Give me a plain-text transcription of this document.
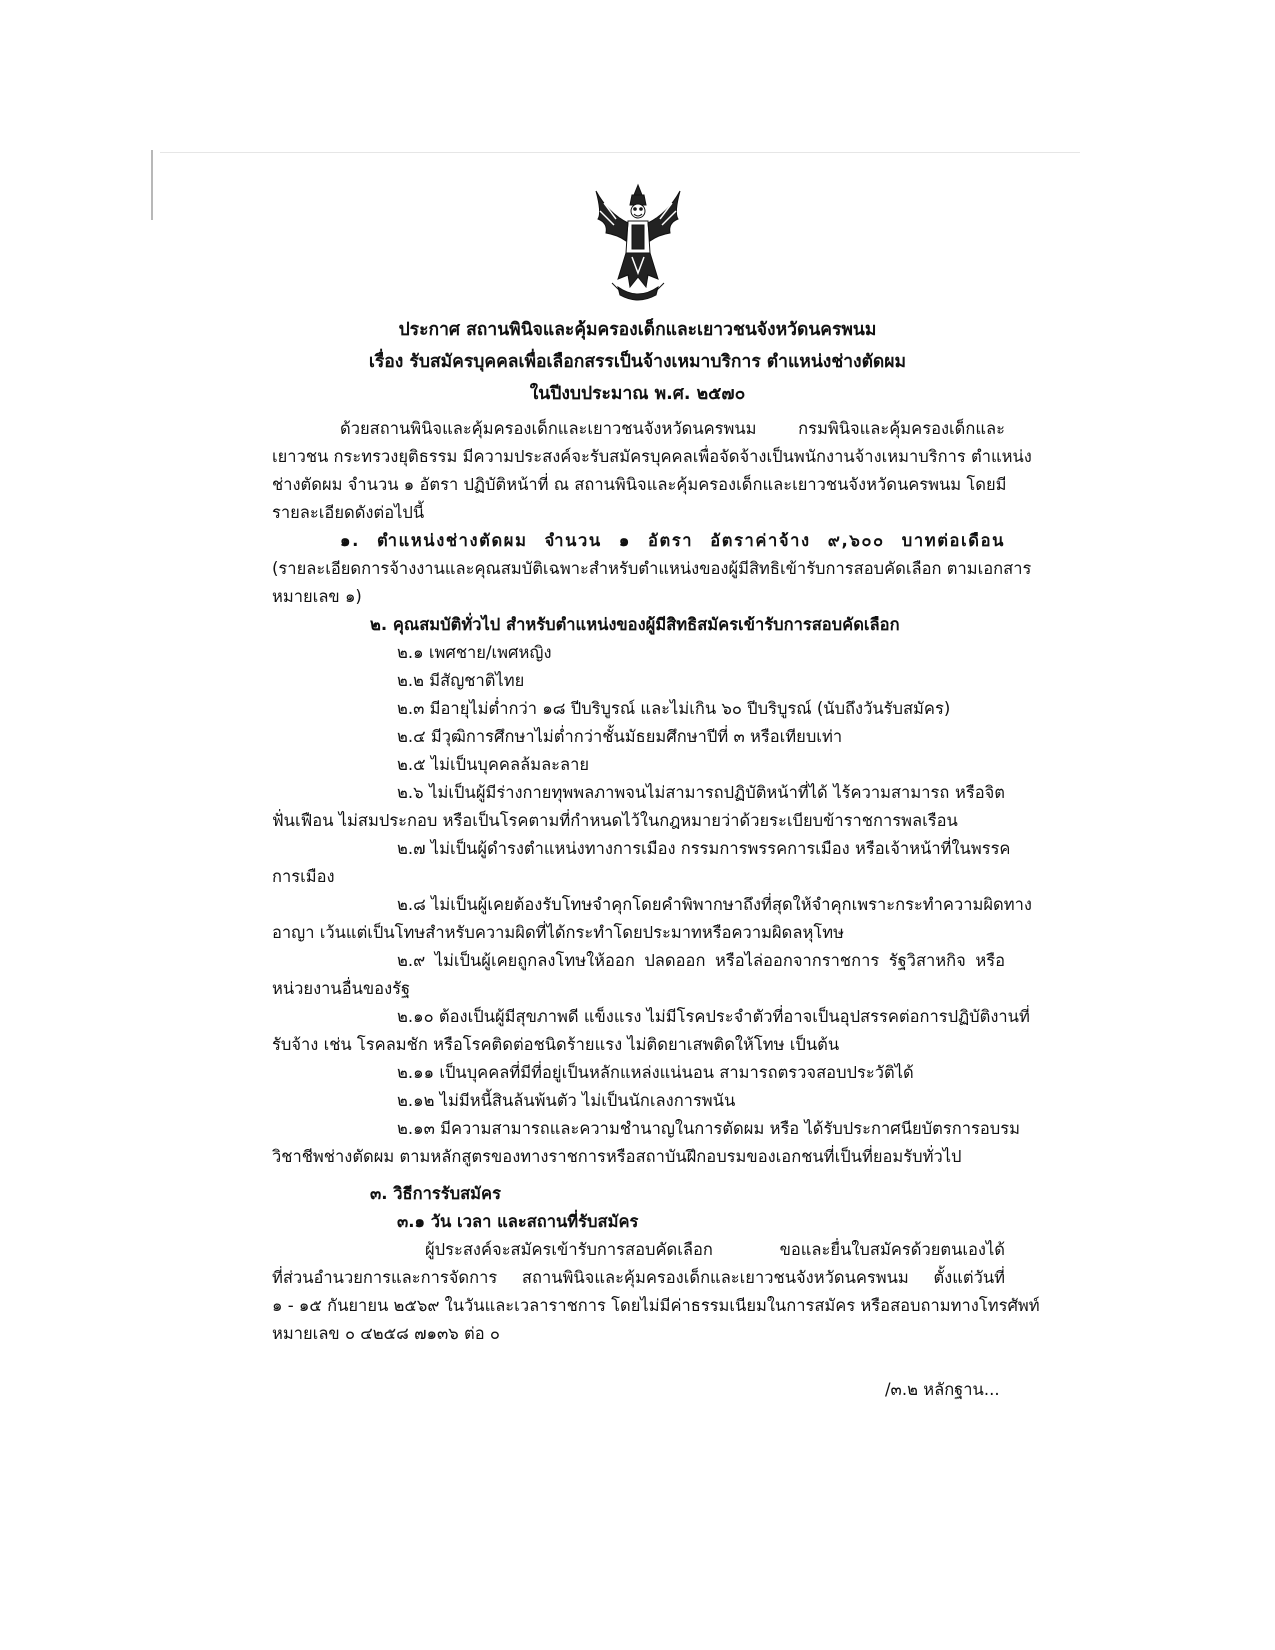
ประกาศ สถานพินิจและคุ้มครองเด็กและเยาวชนจังหวัดนครพนม
เรื่อง รับสมัครบุคคลเพื่อเลือกสรรเป็นจ้างเหมาบริการ ตำแหน่งช่างตัดผม
ในปีงบประมาณ พ.ศ. ๒๕๗๐
ด้วยสถานพินิจและคุ้มครองเด็กและเยาวชนจังหวัดนครพนม กรมพินิจและคุ้มครองเด็กและ
เยาวชน กระทรวงยุติธรรม มีความประสงค์จะรับสมัครบุคคลเพื่อจัดจ้างเป็นพนักงานจ้างเหมาบริการ ตำแหน่ง
ช่างตัดผม จำนวน ๑ อัตรา ปฏิบัติหน้าที่ ณ สถานพินิจและคุ้มครองเด็กและเยาวชนจังหวัดนครพนม โดยมี
รายละเอียดดังต่อไปนี้
๑. ตำแหน่งช่างตัดผม จำนวน ๑ อัตรา อัตราค่าจ้าง ๙,๖๐๐ บาทต่อเดือน
(รายละเอียดการจ้างงานและคุณสมบัติเฉพาะสำหรับตำแหน่งของผู้มีสิทธิเข้ารับการสอบคัดเลือก ตามเอกสาร
หมายเลข ๑)
๒. คุณสมบัติทั่วไป สำหรับตำแหน่งของผู้มีสิทธิสมัครเข้ารับการสอบคัดเลือก
๒.๑ เพศชาย/เพศหญิง
๒.๒ มีสัญชาติไทย
๒.๓ มีอายุไม่ต่ำกว่า ๑๘ ปีบริบูรณ์ และไม่เกิน ๖๐ ปีบริบูรณ์ (นับถึงวันรับสมัคร)
๒.๔ มีวุฒิการศึกษาไม่ต่ำกว่าชั้นมัธยมศึกษาปีที่ ๓ หรือเทียบเท่า
๒.๕ ไม่เป็นบุคคลล้มละลาย
๒.๖ ไม่เป็นผู้มีร่างกายทุพพลภาพจนไม่สามารถปฏิบัติหน้าที่ได้ ไร้ความสามารถ หรือจิต
ฟั่นเฟือน ไม่สมประกอบ หรือเป็นโรคตามที่กำหนดไว้ในกฎหมายว่าด้วยระเบียบข้าราชการพลเรือน
๒.๗ ไม่เป็นผู้ดำรงตำแหน่งทางการเมือง กรรมการพรรคการเมือง หรือเจ้าหน้าที่ในพรรค
การเมือง
๒.๘ ไม่เป็นผู้เคยต้องรับโทษจำคุกโดยคำพิพากษาถึงที่สุดให้จำคุกเพราะกระทำความผิดทาง
อาญา เว้นแต่เป็นโทษสำหรับความผิดที่ได้กระทำโดยประมาทหรือความผิดลหุโทษ
๒.๙ ไม่เป็นผู้เคยถูกลงโทษให้ออก ปลดออก หรือไล่ออกจากราชการ รัฐวิสาหกิจ หรือ
หน่วยงานอื่นของรัฐ
๒.๑๐ ต้องเป็นผู้มีสุขภาพดี แข็งแรง ไม่มีโรคประจำตัวที่อาจเป็นอุปสรรคต่อการปฏิบัติงานที่
รับจ้าง เช่น โรคลมชัก หรือโรคติดต่อชนิดร้ายแรง ไม่ติดยาเสพติดให้โทษ เป็นต้น
๒.๑๑ เป็นบุคคลที่มีที่อยู่เป็นหลักแหล่งแน่นอน สามารถตรวจสอบประวัติได้
๒.๑๒ ไม่มีหนี้สินล้นพ้นตัว ไม่เป็นนักเลงการพนัน
๒.๑๓ มีความสามารถและความชำนาญในการตัดผม หรือ ได้รับประกาศนียบัตรการอบรม
วิชาชีพช่างตัดผม ตามหลักสูตรของทางราชการหรือสถาบันฝึกอบรมของเอกชนที่เป็นที่ยอมรับทั่วไป
๓. วิธีการรับสมัคร
๓.๑ วัน เวลา และสถานที่รับสมัคร
ผู้ประสงค์จะสมัครเข้ารับการสอบคัดเลือก ขอและยื่นใบสมัครด้วยตนเองได้
ที่ส่วนอำนวยการและการจัดการ สถานพินิจและคุ้มครองเด็กและเยาวชนจังหวัดนครพนม ตั้งแต่วันที่
๑ - ๑๕ กันยายน ๒๕๖๙ ในวันและเวลาราชการ โดยไม่มีค่าธรรมเนียมในการสมัคร หรือสอบถามทางโทรศัพท์
หมายเลข ๐ ๔๒๕๘ ๗๑๓๖ ต่อ ๐
/๓.๒ หลักฐาน...
